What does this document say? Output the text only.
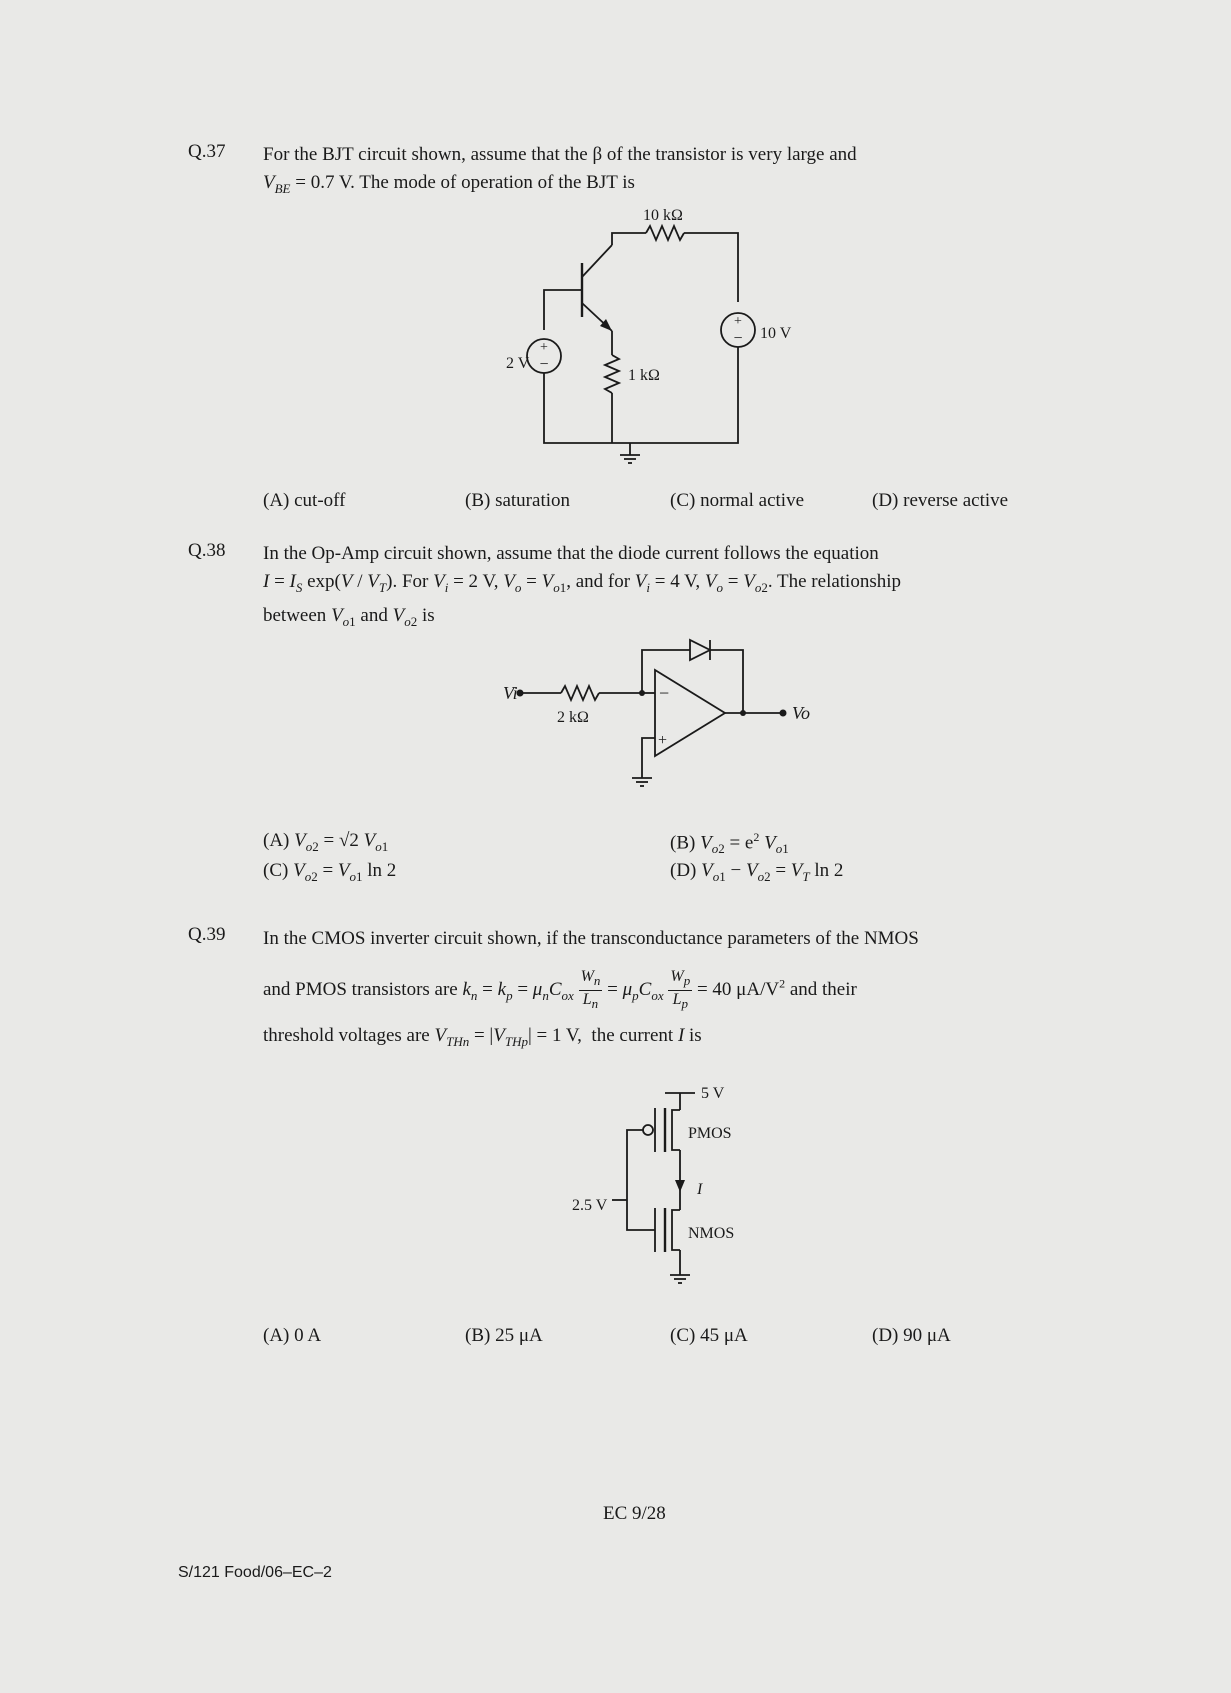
Q.37 For the BJT circuit shown, assume that the β of the transistor is very large and
$V_{BE} = 0.7$ V. The mode of operation of the BJT is
+
−
+
−
10 kΩ
10 V
2 V
1 kΩ
(A) cut-off	(B) saturation	(C) normal active	(D) reverse active
Q.38 In the Op-Amp circuit shown, assume that the diode current follows the equation
$I = I_S$ $\exp(V / V_T)$. For $V_i = 2$ V, $V_o = V_{o1}$, and for $V_i = 4$ V, $V_o = V_{o2}$. The relationship
between $V_{o1}$ and $V_{o2}$ is
−
+
Vi
2 kΩ	Vo
(A) $V_{o2} = √2$ $V_{o1}$	(B) $V_{o2} = e^2$ $V_{o1}$
(C) $V_{o2} = V_{o1}$ ln 2	(D) $V_{o1} - V_{o2} = V_T$ ln 2
Q.39 In the CMOS inverter circuit shown, if the transconductance parameters of the NMOS
and PMOS transistors are $k_n = k_p = \mu_nC_{ox} \frac{W_n}{L_n} = \mu_pC_{ox} \frac{W_p}{L_p} = 40$ $\mu A/V^2$ and their
threshold voltages are $V_{THn} = |V_{THp}| = 1$ V,  the current I is
5 V
PMOS
I
2.5 V
NMOS
(A) 0 A	(B) 25 μA	(C) 45 μA	(D) 90 μA
EC 9/28
S/121 Food/06–EC–2
